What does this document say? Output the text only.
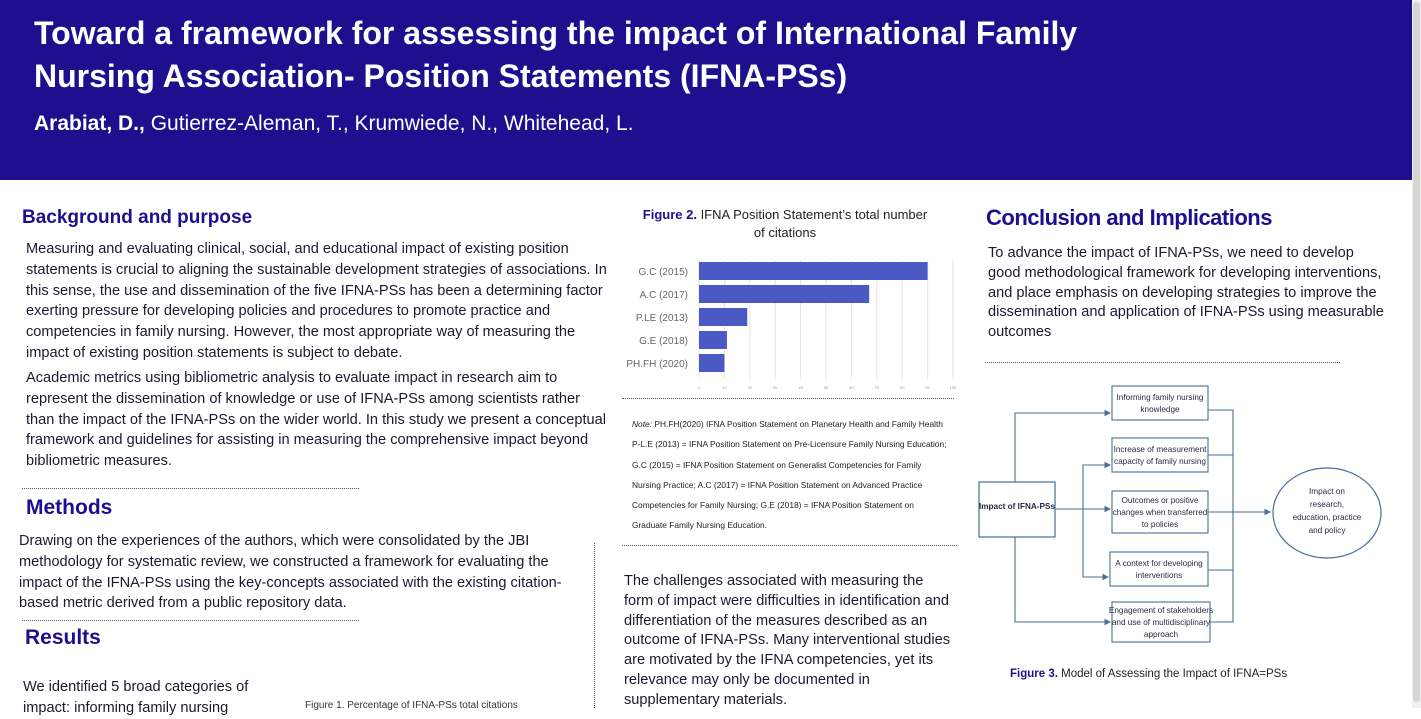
Toward a framework for assessing the impact of International Family Nursing Association- Position Statements (IFNA-PSs)
Arabiat, D., Gutierrez-Aleman, T., Krumwiede, N., Whitehead, L.
Background and purpose
Measuring and evaluating clinical, social, and educational impact of existing position statements is crucial to aligning the sustainable development strategies of associations. In this sense, the use and dissemination of the five IFNA-PSs has been a determining factor exerting pressure for developing policies and procedures to promote practice and competencies in family nursing. However, the most appropriate way of measuring the impact of existing position statements is subject to debate.
Academic metrics using bibliometric analysis to evaluate impact in research aim to represent the dissemination of knowledge or use of IFNA-PSs among scientists rather than the impact of the IFNA-PSs on the wider world. In this study we present a conceptual framework and guidelines for assisting in measuring the comprehensive impact beyond bibliometric measures.
Methods
Drawing on the experiences of the authors, which were consolidated by the JBI methodology for systematic review, we constructed a framework for evaluating the impact of the IFNA-PSs using the key-concepts associated with the existing citation-based metric derived from a public repository data.
Results
We identified 5 broad categories of impact: informing family nursing	Figure 1. Percentage of IFNA-PSs total citations
Figure 2. IFNA Position Statement’s total number of citations
0	10	20	30	40	50	60	70	80	90	100
G.C (2015)
A.C (2017)
P.LE (2013)
G.E (2018)
PH.FH (2020)
Note: PH.FH(2020) IFNA Position Statement on Planetary Health and Family Health P-L.E (2013) = IFNA Position Statement on Pre-Licensure Family Nursing Education; G.C (2015) = IFNA Position Statement on Generalist Competencies for Family Nursing Practice; A.C (2017) = IFNA Position Statement on Advanced Practice Competencies for Family Nursing; G.E (2018) = IFNA Position Statement on Graduate Family Nursing Education.
The challenges associated with measuring the form of impact were difficulties in identification and differentiation of the measures described as an outcome of IFNA-PSs. Many interventional studies are motivated by the IFNA competencies, yet its relevance may only be documented in supplementary materials.
Conclusion and Implications
To advance the impact of IFNA-PSs, we need to develop good methodological framework for developing interventions, and place emphasis on developing strategies to improve the dissemination and application of IFNA-PSs using measurable outcomes
Impact of IFNA-PSs
Informing family nursing
knowledge
Increase of measurement
capacity of family nursing
Outcomes or positive
changes when transferred
to policies
A context for developing
interventions
Engagement of stakeholders
and use of multidisciplinary
approach
Impact on
research,
education, practice
and policy
Figure 3. Model of Assessing the Impact of IFNA=PSs
